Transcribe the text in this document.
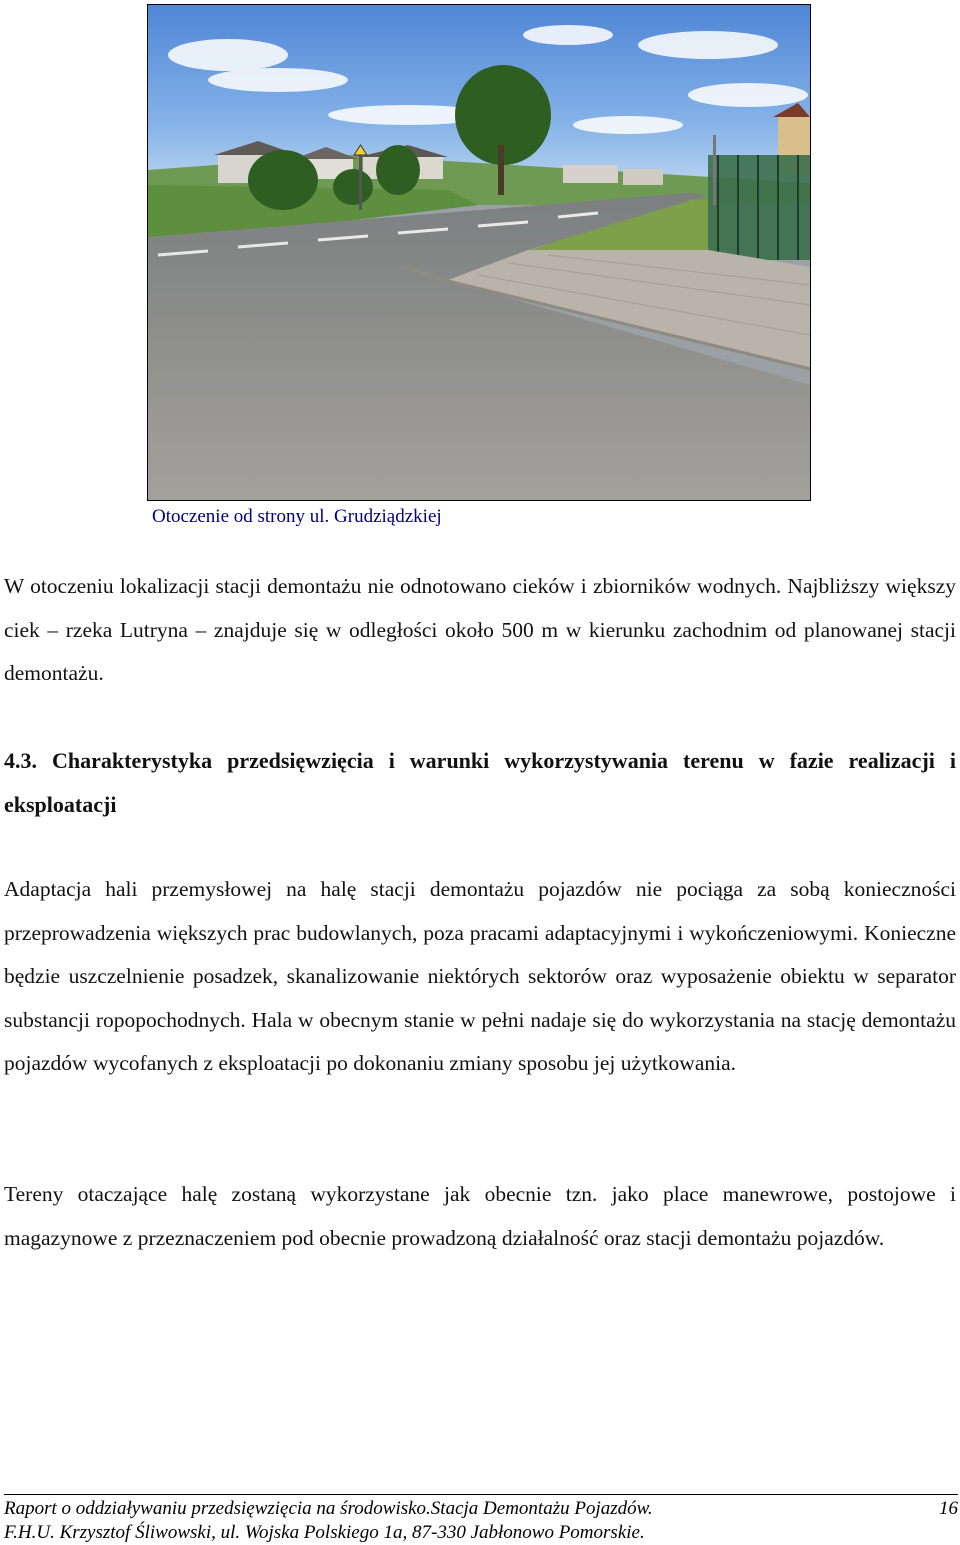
Otoczenie od strony ul. Grudziądzkiej

W otoczeniu lokalizacji stacji demontażu nie odnotowano cieków i zbiorników wodnych. Najbliższy większy ciek – rzeka Lutryna – znajduje się w odległości około 500 m w kierunku zachodnim od planowanej stacji demontażu.

4.3. Charakterystyka przedsięwzięcia i warunki wykorzystywania terenu w fazie realizacji i eksploatacji

Adaptacja hali przemysłowej na halę stacji demontażu pojazdów nie pociąga za sobą konieczności przeprowadzenia większych prac budowlanych, poza pracami adaptacyjnymi i wykończeniowymi. Konieczne będzie uszczelnienie posadzek, skanalizowanie niektórych sektorów oraz wyposażenie obiektu w separator substancji ropopochodnych. Hala w obecnym stanie w pełni nadaje się do wykorzystania na stację demontażu pojazdów wycofanych z eksploatacji po dokonaniu zmiany sposobu jej użytkowania.

Tereny otaczające halę zostaną wykorzystane jak obecnie tzn. jako place manewrowe, postojowe i magazynowe z przeznaczeniem pod obecnie prowadzoną działalność oraz stacji demontażu pojazdów.

Raport o oddziaływaniu przedsięwzięcia na środowisko.Stacja Demontażu Pojazdów.	16
F.H.U. Krzysztof Śliwowski, ul. Wojska Polskiego 1a, 87-330 Jabłonowo Pomorskie.
